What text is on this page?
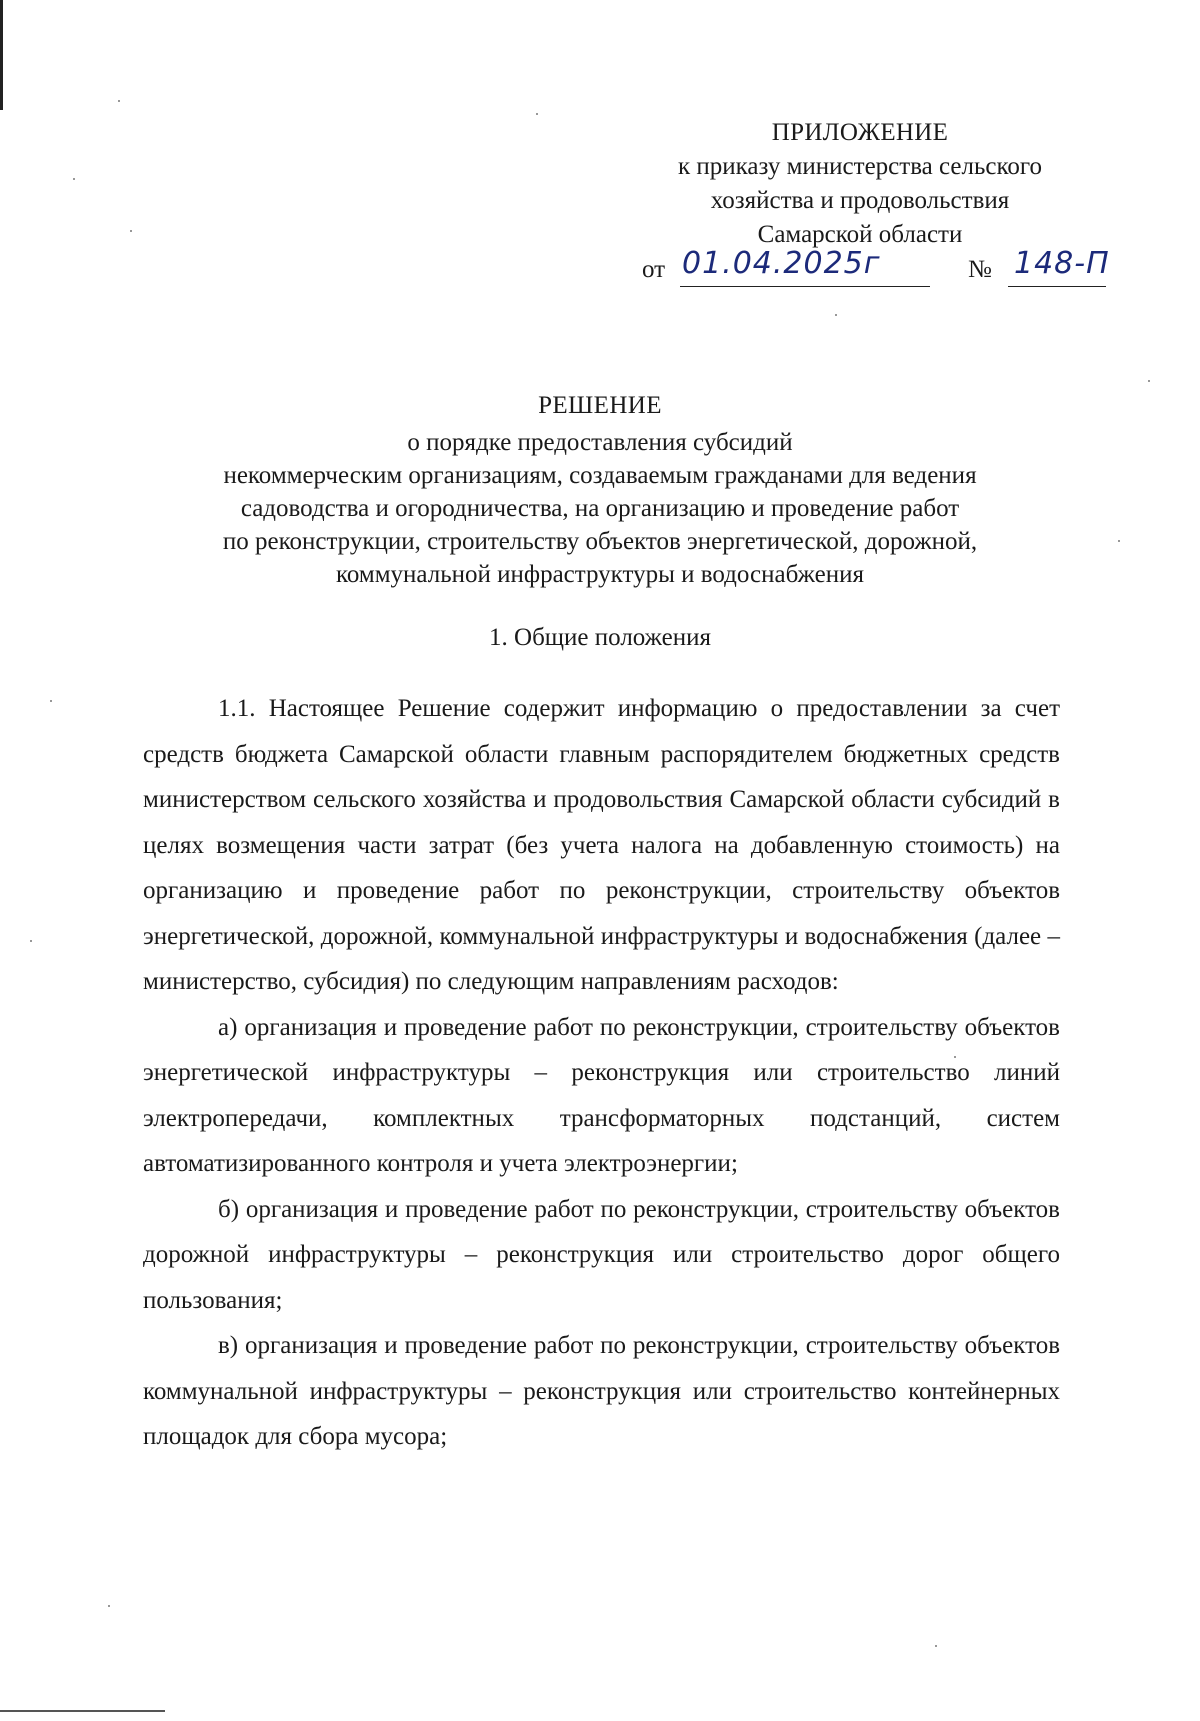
ПРИЛОЖЕНИЕ
к приказу министерства сельского
хозяйства и продовольствия
Самарской области
от 01.04.2025г	№ 148-П
РЕШЕНИЕ
о порядке предоставления субсидий
некоммерческим организациям, создаваемым гражданами для ведения
садоводства и огородничества, на организацию и проведение работ
по реконструкции, строительству объектов энергетической, дорожной,
коммунальной инфраструктуры и водоснабжения
1. Общие положения

1.1. Настоящее Решение содержит информацию о предоставлении за счет средств бюджета Самарской области главным распорядителем бюджетных средств министерством сельского хозяйства и продовольствия Самарской области субсидий в целях возмещения части затрат (без учета налога на добавленную стоимость) на организацию и проведение работ по реконструкции, строительству объектов энергетической, дорожной, коммунальной инфраструктуры и водоснабжения (далее – министерство, субсидия) по следующим направлениям расходов:

а) организация и проведение работ по реконструкции, строительству объектов энергетической инфраструктуры – реконструкция или строительство линий электропередачи, комплектных трансформаторных подстанций, систем автоматизированного контроля и учета электроэнергии;

б) организация и проведение работ по реконструкции, строительству объектов дорожной инфраструктуры – реконструкция или строительство дорог общего пользования;

в) организация и проведение работ по реконструкции, строительству объектов коммунальной инфраструктуры – реконструкция или строительство контейнерных площадок для сбора мусора;
